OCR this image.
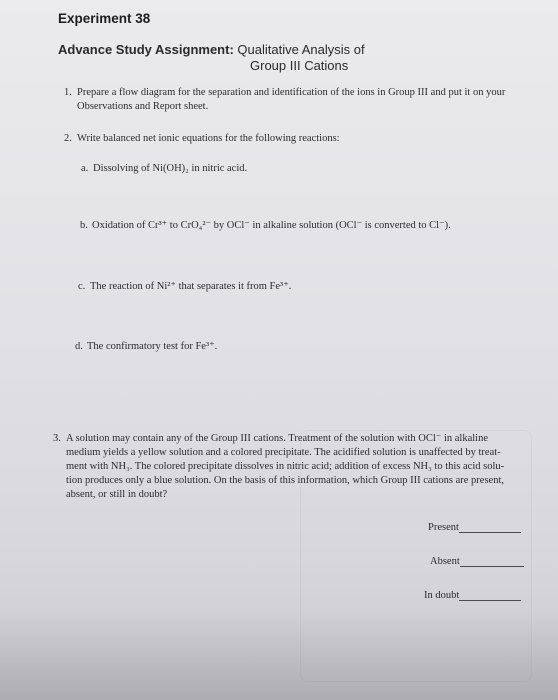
Experiment 38
Advance Study Assignment: Qualitative Analysis of
Group III Cations
1. Prepare a flow diagram for the separation and identification of the ions in Group III and put it on your
Observations and Report sheet.
2. Write balanced net ionic equations for the following reactions:
a. Dissolving of Ni(OH)₂ in nitric acid.
b. Oxidation of Cr³⁺ to CrO₄²⁻ by OCl⁻ in alkaline solution (OCl⁻ is converted to Cl⁻).
c. The reaction of Ni²⁺ that separates it from Fe³⁺.
d. The confirmatory test for Fe³⁺.
3. A solution may contain any of the Group III cations. Treatment of the solution with OCl⁻ in alkaline
medium yields a yellow solution and a colored precipitate. The acidified solution is unaffected by treat-
ment with NH₃. The colored precipitate dissolves in nitric acid; addition of excess NH₃ to this acid solu-
tion produces only a blue solution. On the basis of this information, which Group III cations are present,
absent, or still in doubt?
Present
Absent
In doubt
